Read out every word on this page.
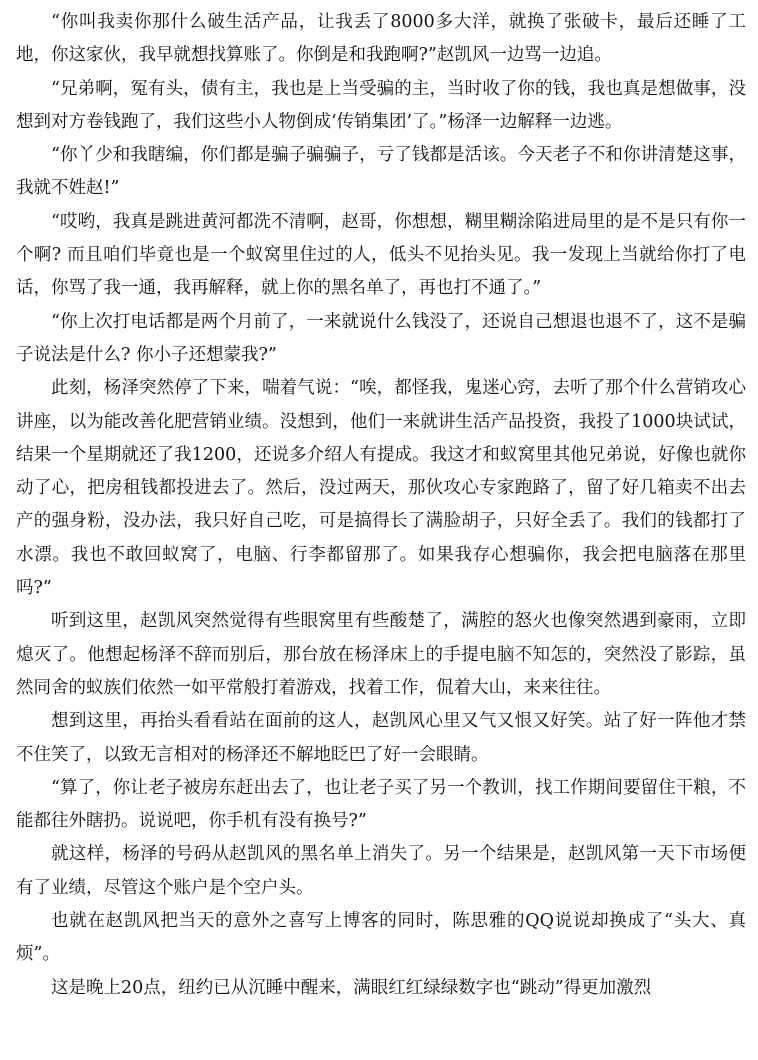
“你叫我卖你那什么破生活产品，让我丢了8000多大洋，就换了张破卡，最后还睡了工地，你这家伙，我早就想找算账了。你倒是和我跑啊?”赵凯风一边骂一边追。

“兄弟啊，冤有头，债有主，我也是上当受骗的主，当时收了你的钱，我也真是想做事，没想到对方卷钱跑了，我们这些小人物倒成‘传销集团’了。”杨泽一边解释一边逃。

“你丫少和我瞎编，你们都是骗子骗骗子，亏了钱都是活该。今天老子不和你讲清楚这事，我就不姓赵!”

“哎哟，我真是跳进黄河都洗不清啊，赵哥，你想想，糊里糊涂陷进局里的是不是只有你一个啊? 而且咱们毕竟也是一个蚁窝里住过的人，低头不见抬头见。我一发现上当就给你打了电话，你骂了我一通，我再解释，就上你的黑名单了，再也打不通了。”

“你上次打电话都是两个月前了，一来就说什么钱没了，还说自己想退也退不了，这不是骗子说法是什么? 你小子还想蒙我?”

此刻，杨泽突然停了下来，喘着气说：“唉，都怪我，鬼迷心窍，去听了那个什么营销攻心讲座，以为能改善化肥营销业绩。没想到，他们一来就讲生活产品投资，我投了1000块试试，结果一个星期就还了我1200，还说多介绍人有提成。我这才和蚁窝里其他兄弟说，好像也就你动了心，把房租钱都投进去了。然后，没过两天，那伙攻心专家跑路了，留了好几箱卖不出去产的强身粉，没办法，我只好自己吃，可是搞得长了满脸胡子，只好全丢了。我们的钱都打了水漂。我也不敢回蚁窝了，电脑、行李都留那了。如果我存心想骗你，我会把电脑落在那里吗?”

听到这里，赵凯风突然觉得有些眼窝里有些酸楚了，满腔的怒火也像突然遇到豪雨，立即熄灭了。他想起杨泽不辞而别后，那台放在杨泽床上的手提电脑不知怎的，突然没了影踪，虽然同舍的蚁族们依然一如平常般打着游戏，找着工作，侃着大山，来来往往。

想到这里，再抬头看看站在面前的这人，赵凯风心里又气又恨又好笑。站了好一阵他才禁不住笑了，以致无言相对的杨泽还不解地眨巴了好一会眼睛。

“算了，你让老子被房东赶出去了，也让老子买了另一个教训，找工作期间要留住干粮，不能都往外瞎扔。说说吧，你手机有没有换号?”

就这样，杨泽的号码从赵凯风的黑名单上消失了。另一个结果是，赵凯风第一天下市场便有了业绩，尽管这个账户是个空户头。

也就在赵凯风把当天的意外之喜写上博客的同时，陈思雅的QQ说说却换成了“头大、真烦”。

这是晚上20点，纽约已从沉睡中醒来，满眼红红绿绿数字也“跳动”得更加激烈
